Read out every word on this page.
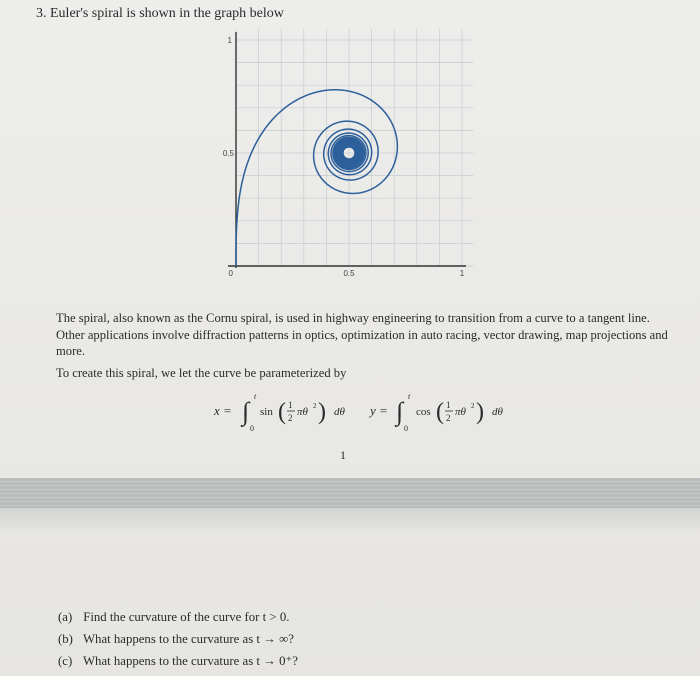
3. Euler's spiral is shown in the graph below
1
0.5
0	0.5	1
The spiral, also known as the Cornu spiral, is used in highway engineering to transition from a curve to a tangent line. Other applications involve diffraction patterns in optics, optimization in auto racing, vector drawing, map projections and more.
To create this spiral, we let the curve be parameterized by
x = ∫
t
0
sin ( 1
2 πθ 2 ) dθ y = ∫
t
0
cos ( 1
2 πθ 2 ) dθ
1
(a) Find the curvature of the curve for t > 0.
(b) What happens to the curvature as t → ∞?
(c) What happens to the curvature as t → 0⁺?
